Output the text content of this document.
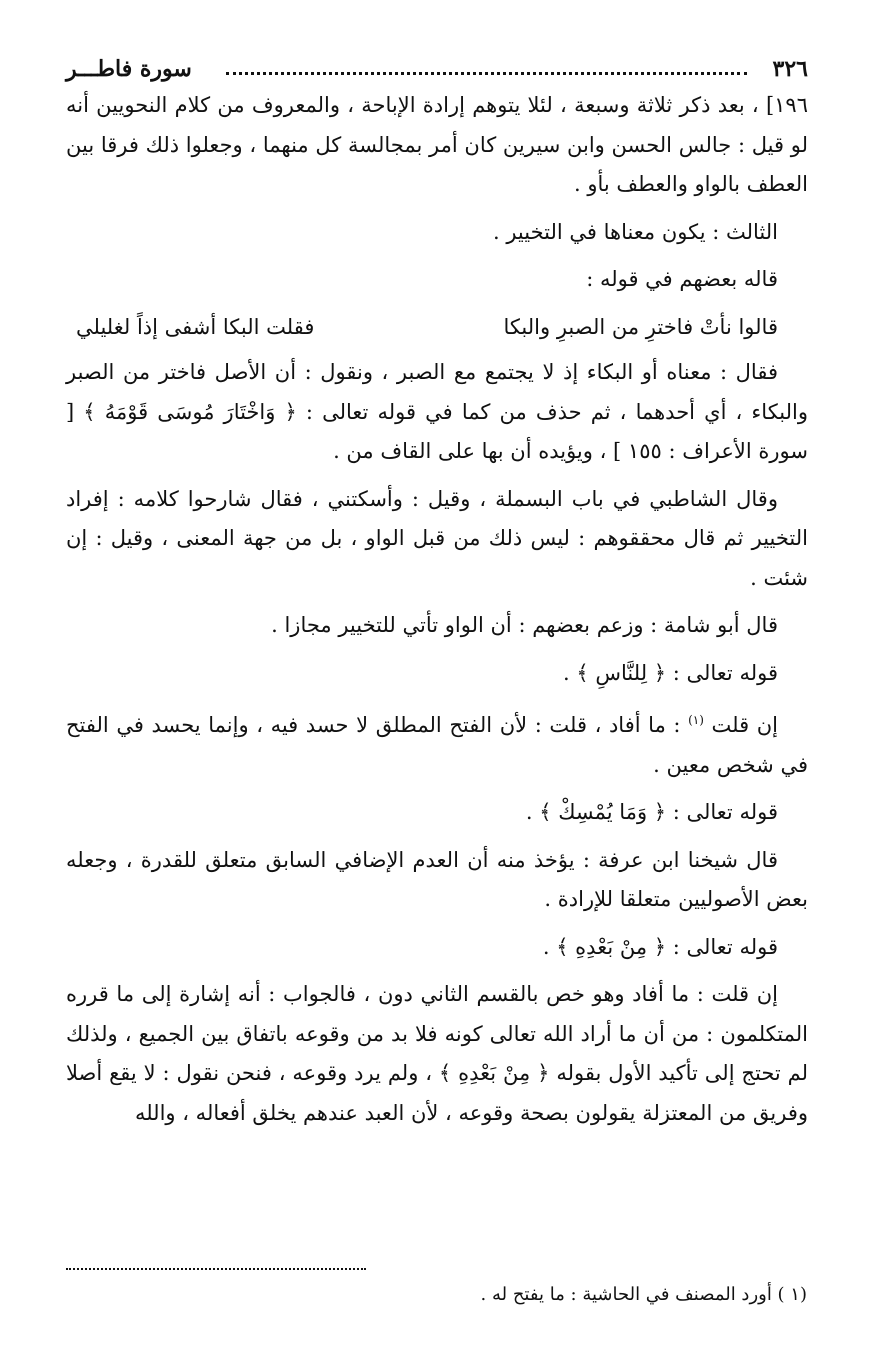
٣٢٦
سورة فاطـــر

١٩٦] ، بعد ذكر ثلاثة وسبعة ، لئلا يتوهم إرادة الإباحة ، والمعروف من كلام النحويين أنه لو قيل : جالس الحسن وابن سيرين كان أمر بمجالسة كل منهما ، وجعلوا ذلك فرقا بين العطف بالواو والعطف بأو .

الثالث : يكون معناها في التخيير .

قاله بعضهم في قوله :

قالوا نأتْ فاخترِ من الصبرِ والبكا
فقلت البكا أشفى إذاً لغليلي

فقال : معناه أو البكاء إذ لا يجتمع مع الصبر ، ونقول : أن الأصل فاختر من الصبر والبكاء ، أي أحدهما ، ثم حذف من كما في قوله تعالى : ﴿ وَاخْتَارَ مُوسَى قَوْمَهُ ﴾ [ سورة الأعراف : ١٥٥ ] ، ويؤيده أن بها على القاف من .

وقال الشاطبي في باب البسملة ، وقيل : وأسكتني ، فقال شارحوا كلامه : إفراد التخيير ثم قال محققوهم : ليس ذلك من قبل الواو ، بل من جهة المعنى ، وقيل : إن شئت .

قال أبو شامة : وزعم بعضهم : أن الواو تأتي للتخيير مجازا .

قوله تعالى : ﴿ لِلنَّاسِ ﴾ .

إن قلت $^{(١)}$ : ما أفاد ، قلت : لأن الفتح المطلق لا حسد فيه ، وإنما يحسد في الفتح في شخص معين .

قوله تعالى : ﴿ وَمَا يُمْسِكْ ﴾ .

قال شيخنا ابن عرفة : يؤخذ منه أن العدم الإضافي السابق متعلق للقدرة ، وجعله بعض الأصوليين متعلقا للإرادة .

قوله تعالى : ﴿ مِنْ بَعْدِهِ ﴾ .

إن قلت : ما أفاد وهو خص بالقسم الثاني دون ، فالجواب : أنه إشارة إلى ما قرره المتكلمون : من أن ما أراد الله تعالى كونه فلا بد من وقوعه باتفاق بين الجميع ، ولذلك لم تحتج إلى تأكيد الأول بقوله ﴿ مِنْ بَعْدِهِ ﴾ ، ولم يرد وقوعه ، فنحن نقول : لا يقع أصلا وفريق من المعتزلة يقولون بصحة وقوعه ، لأن العبد عندهم يخلق أفعاله ، والله

(١ ) أورد المصنف في الحاشية : ما يفتح له .
